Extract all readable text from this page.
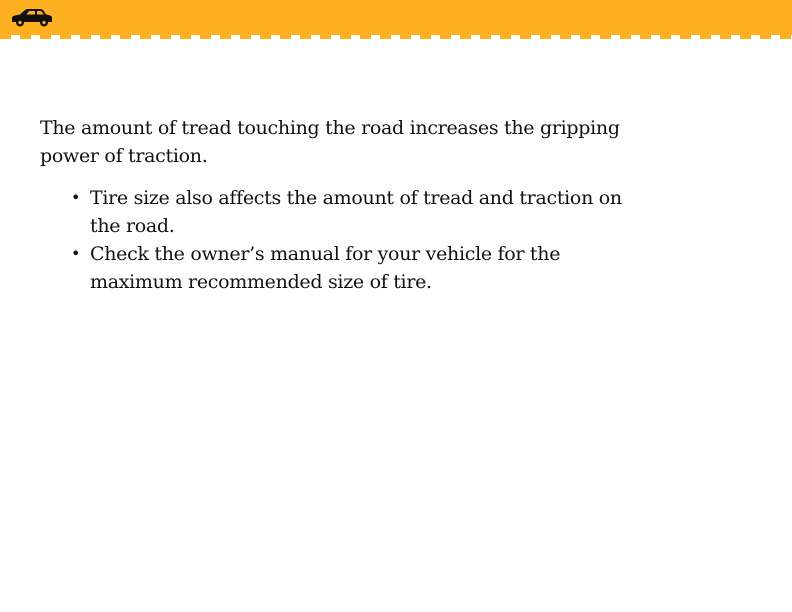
The amount of tread touching the road increases the gripping power of traction.

• Tire size also affects the amount of tread and traction on the road.
• Check the owner’s manual for your vehicle for the maximum recommended size of tire.
